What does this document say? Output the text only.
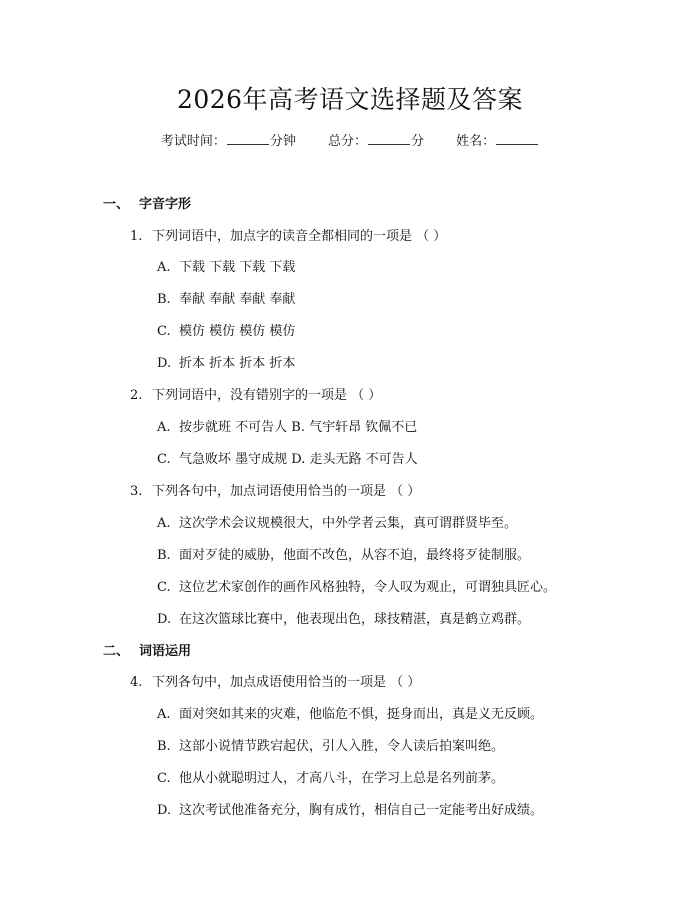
2026年高考语文选择题及答案
考试时间：	分钟 总分：	分 姓名：
一、 字音字形
1. 下列词语中，加点字的读音全都相同的一项是 （ ）
A. 下载 下载 下载 下载
B. 奉献 奉献 奉献 奉献
C. 模仿 模仿 模仿 模仿
D. 折本 折本 折本 折本
2. 下列词语中，没有错别字的一项是 （ ）
A. 按步就班 不可告人 B. 气宇轩昂 钦佩不已
C. 气急败坏 墨守成规 D. 走头无路 不可告人
3. 下列各句中，加点词语使用恰当的一项是 （ ）
A. 这次学术会议规模很大，中外学者云集，真可谓群贤毕至。
B. 面对歹徒的威胁，他面不改色，从容不迫，最终将歹徒制服。
C. 这位艺术家创作的画作风格独特，令人叹为观止，可谓独具匠心。
D. 在这次篮球比赛中，他表现出色，球技精湛，真是鹤立鸡群。
二、 词语运用
4. 下列各句中，加点成语使用恰当的一项是 （ ）
A. 面对突如其来的灾难，他临危不惧，挺身而出，真是义无反顾。
B. 这部小说情节跌宕起伏，引人入胜，令人读后拍案叫绝。
C. 他从小就聪明过人，才高八斗，在学习上总是名列前茅。
D. 这次考试他准备充分，胸有成竹，相信自己一定能考出好成绩。
